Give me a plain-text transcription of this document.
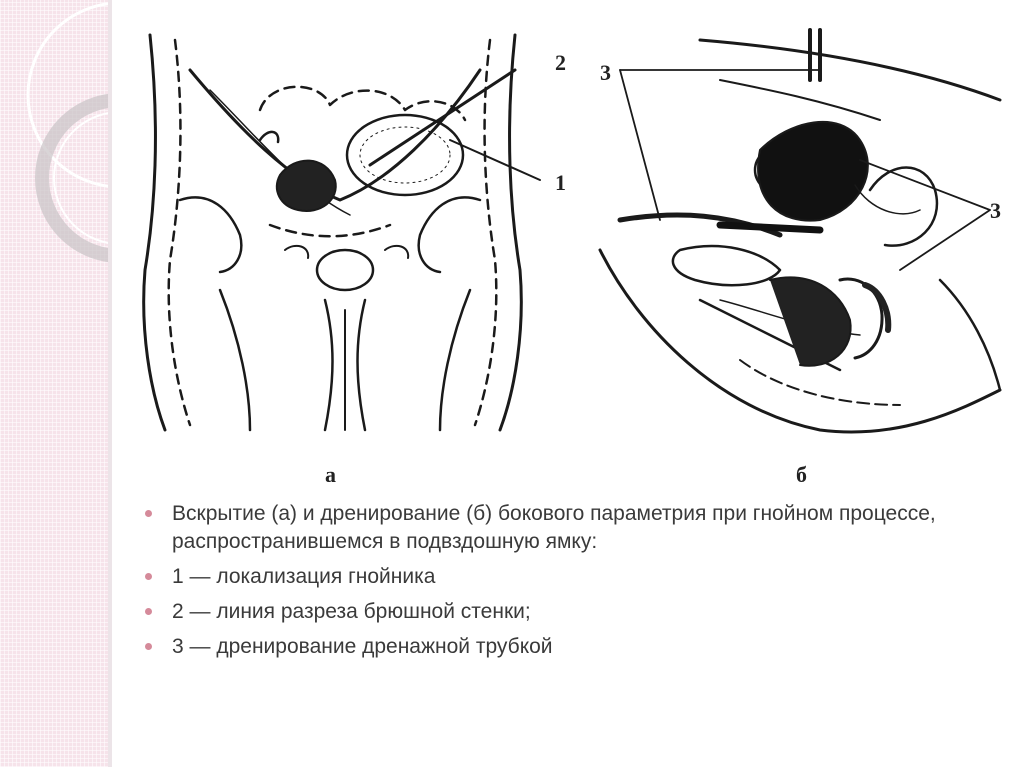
а	б
1
2 3
3
Вскрытие (а) и дренирование (б) бокового параметрия при гнойном процессе, распространившемся в подвздошную ямку:
1 — локализация гнойника
2 — линия разреза брюшной стенки;
3 — дренирование дренажной трубкой
